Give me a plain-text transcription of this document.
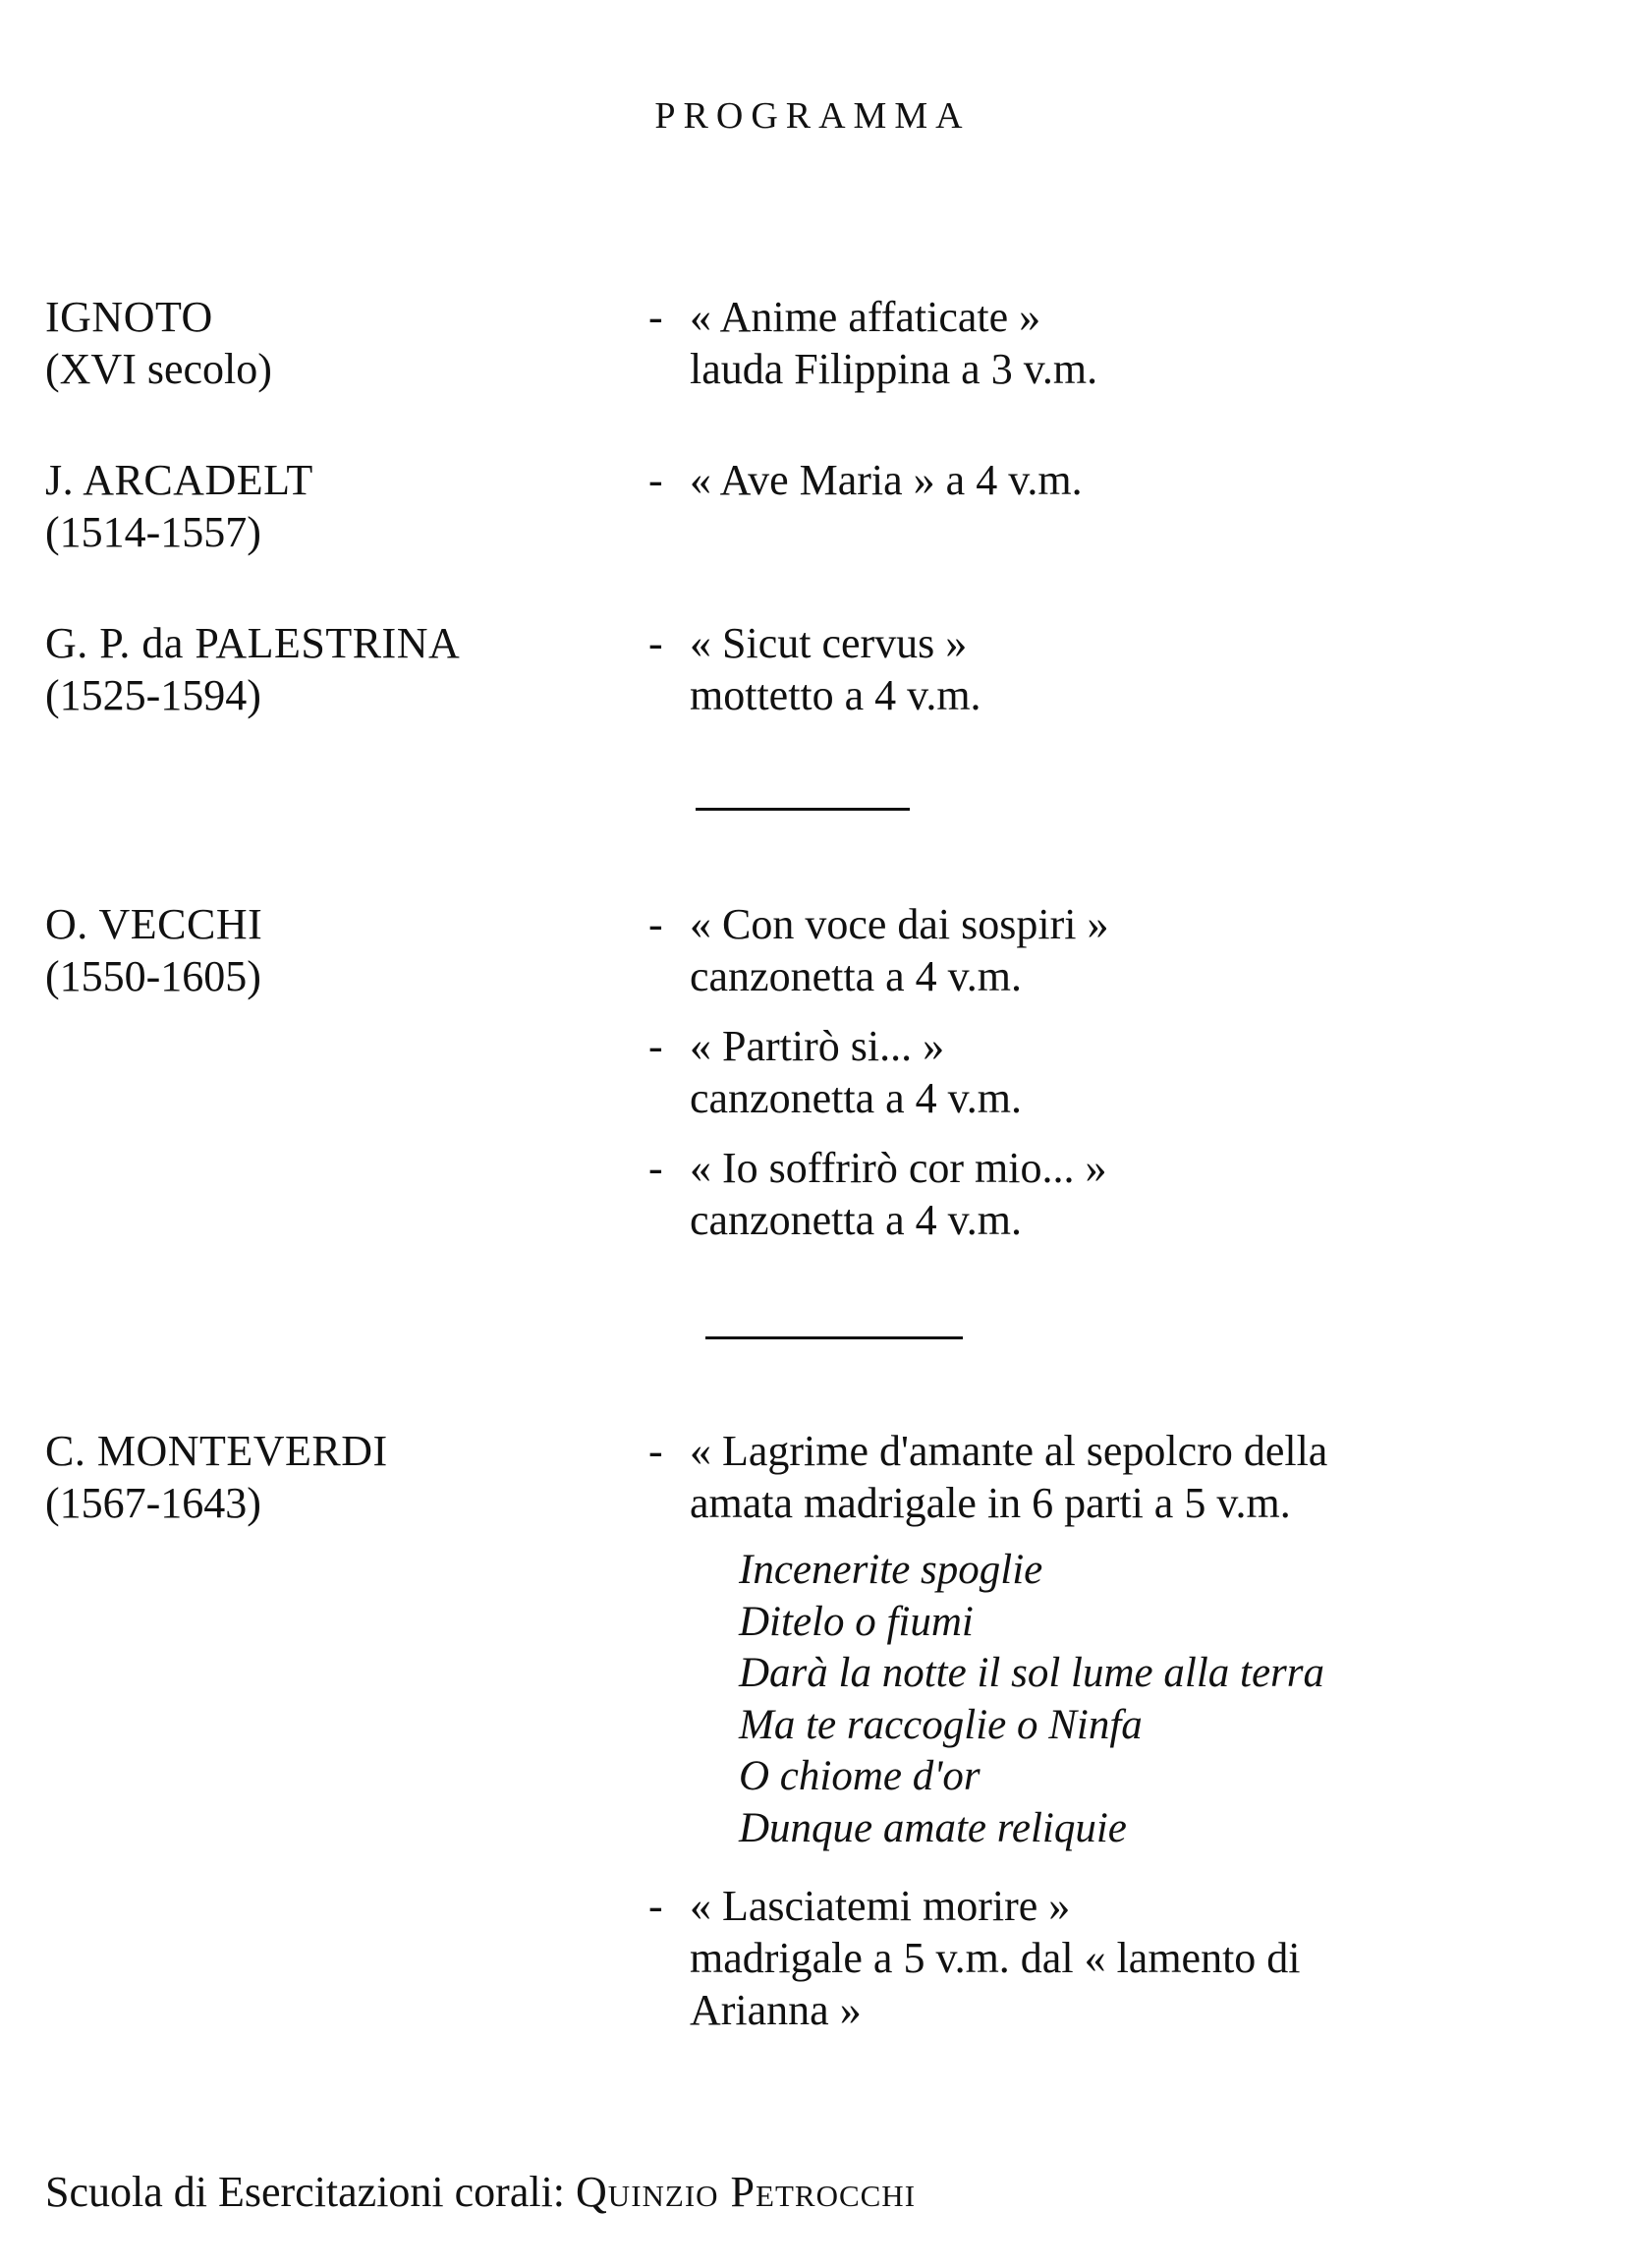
PROGRAMMA
IGNOTO
(XVI secolo)
- « Anime affaticate »
lauda Filippina a 3 v.m.
J. ARCADELT
(1514-1557)
- « Ave Maria » a 4 v.m.
G. P. da PALESTRINA
(1525-1594)
- « Sicut cervus »
mottetto a 4 v.m.
O. VECCHI
(1550-1605)
- « Con voce dai sospiri »
canzonetta a 4 v.m.
- « Partirò si... »
canzonetta a 4 v.m.
- « Io soffrirò cor mio... »
canzonetta a 4 v.m.
C. MONTEVERDI
(1567-1643)
- « Lagrime d'amante al sepolcro della
amata madrigale in 6 parti a 5 v.m.
Incenerite spoglie
Ditelo o fiumi
Darà la notte il sol lume alla terra
Ma te raccoglie o Ninfa
O chiome d'or
Dunque amate reliquie
- « Lasciatemi morire »
madrigale a 5 v.m. dal « lamento di
Arianna »
Scuola di Esercitazioni corali: Quinzio Petrocchi
